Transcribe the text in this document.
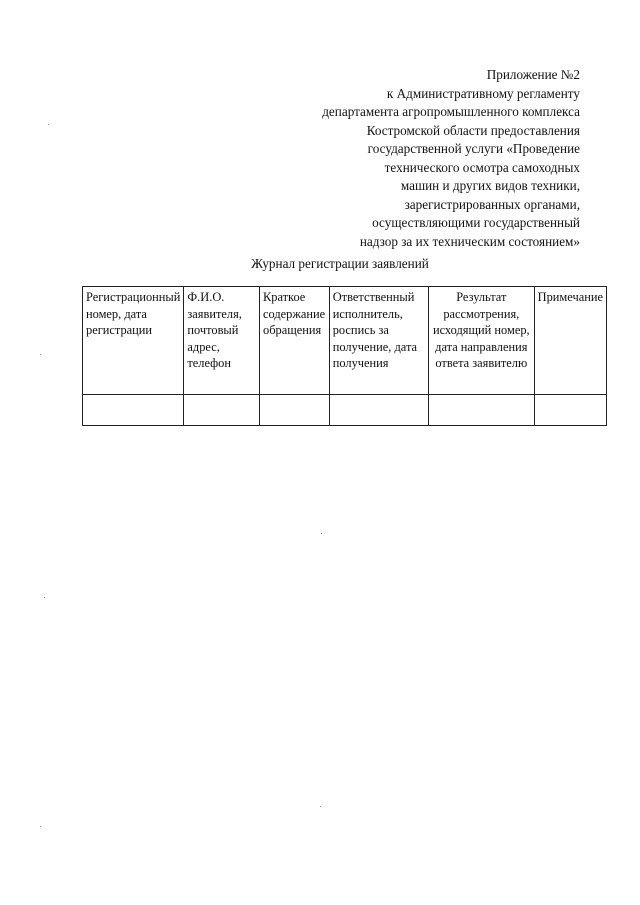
Приложение №2
к Административному регламенту
департамента агропромышленного комплекса
Костромской области предоставления
государственной услуги «Проведение
технического осмотра самоходных
машин и других видов техники,
зарегистрированных органами,
осуществляющими государственный
надзор за их техническим состоянием»
Журнал регистрации заявлений
Регистрационный номер, дата регистрации	Ф.И.О. заявителя, почтовый адрес, телефон	Краткое содержание обращения	Ответственный исполнитель, роспись за получение, дата получения	Результат рассмотрения, исходящий номер, дата направления ответа заявителю	Примечание
